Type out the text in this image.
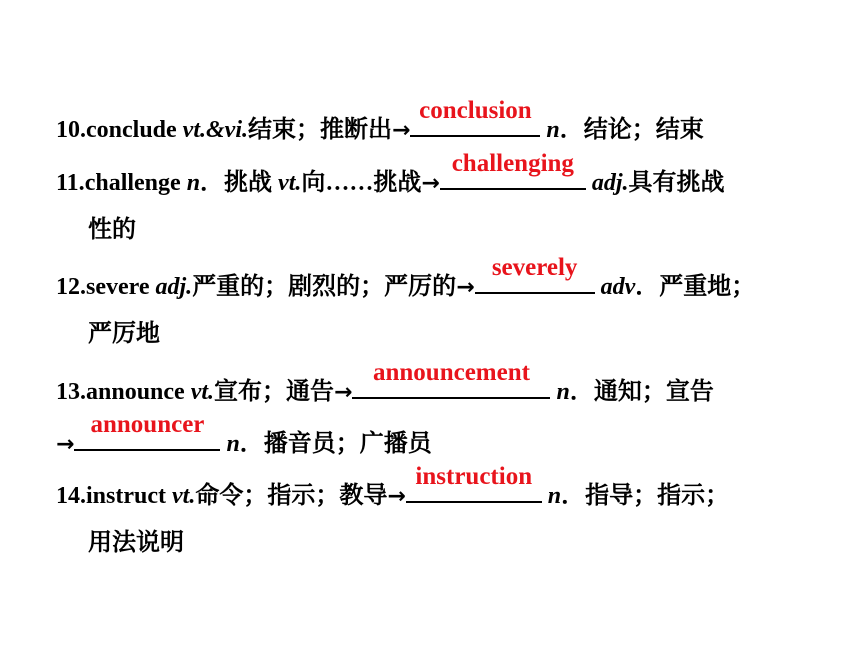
10.conclude vt.&vi.结束；推断出→
conclusion
n．结论；结束
11.challenge n．挑战 vt.向……挑战→
challenging
adj.具有挑战
性的
12.severe adj.严重的；剧烈的；严厉的→
severely
adv．严重地；
严厉地
13.announce vt.宣布；通告→
announcement
n．通知；宣告
→
announcer
n．播音员；广播员
14.instruct vt.命令；指示；教导→
instruction
n．指导；指示；
用法说明
